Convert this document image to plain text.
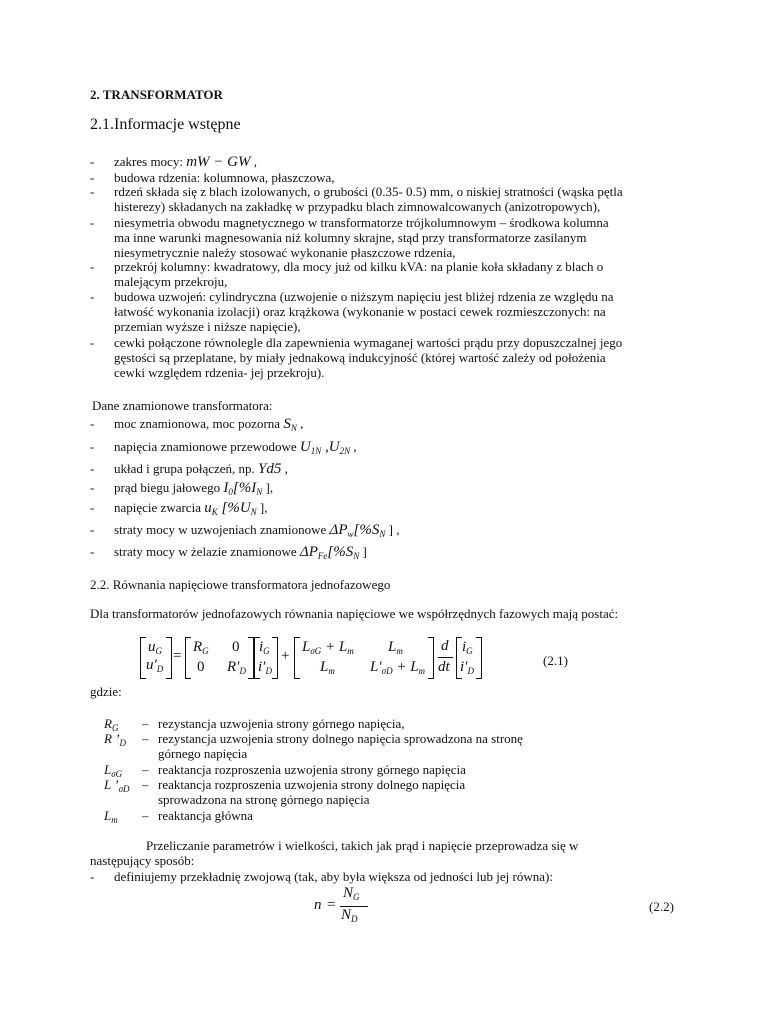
2. TRANSFORMATOR
2.1.Informacje wstępne
- zakres mocy: mW − GW ,
- budowa rdzenia: kolumnowa, płaszczowa,
- rdzeń składa się z blach izolowanych, o grubości (0.35- 0.5) mm, o niskiej stratności (wąska pętla
histerezy) składanych na zakładkę w przypadku blach zimnowalcowanych (anizotropowych),
- niesymetria obwodu magnetycznego w transformatorze trójkolumnowym – środkowa kolumna
ma inne warunki magnesowania niż kolumny skrajne, stąd przy transformatorze zasilanym
niesymetrycznie należy stosować wykonanie płaszczowe rdzenia,
- przekrój kolumny: kwadratowy, dla mocy już od kilku kVA: na planie koła składany z blach o
malejącym przekroju,
- budowa uzwojeń: cylindryczna (uzwojenie o niższym napięciu jest bliżej rdzenia ze względu na
łatwość wykonania izolacji) oraz krążkowa (wykonanie w postaci cewek rozmieszczonych: na
przemian wyższe i niższe napięcie),
- cewki połączone równolegle dla zapewnienia wymaganej wartości prądu przy dopuszczalnej jego
gęstości są przeplatane, by miały jednakową indukcyjność (której wartość zależy od położenia
cewki względem rdzenia- jej przekroju).
Dane znamionowe transformatora:
- moc znamionowa, moc pozorna $S_N$ ,
- napięcia znamionowe przewodowe $U_{1N}$ $,U_{2N}$ ,
- układ i grupa połączeń, np. Yd5 ,
- prąd biegu jałowego $I_0[\%I_N$ ],
- napięcie zwarcia $u_K$ [$\%U_N$ ],
- straty mocy w uzwojeniach znamionowe $\Delta P_w[\%S_N$ ] ,
- straty mocy w żelazie znamionowe $\Delta P_{Fe}[\%S_N$ ]
2.2. Równania napięciowe transformatora jednofazowego
Dla transformatorów jednofazowych równania napięciowe we współrzędnych fazowych mają postać:
$u_G$
$u'_D$
=
$R_G$ 0
0 $R'_D$
$i_G$
$i'_D$
+
$L_{\sigma G} + L_m$ $L_m$
$L_m$ $L'_{\sigma D} + L_m$
d
dt
$i_G$
$i'_D$
(2.1)
gdzie:
$R_G$ – rezystancja uzwojenia strony górnego napięcia,
R $’_D$ – rezystancja uzwojenia strony dolnego napięcia sprowadzona na stronę
górnego napięcia
$L_{\sigma G}$ – reaktancja rozproszenia uzwojenia strony górnego napięcia
L $’_{\sigma D}$ – reaktancja rozproszenia uzwojenia strony dolnego napięcia
sprowadzona na stronę górnego napięcia
$L_m$ – reaktancja główna
Przeliczanie parametrów i wielkości, takich jak prąd i napięcie przeprowadza się w
następujący sposób:
- definiujemy przekładnię zwojową (tak, aby była większa od jedności lub jej równa):
n =
$N_G$
$N_D$
(2.2)
